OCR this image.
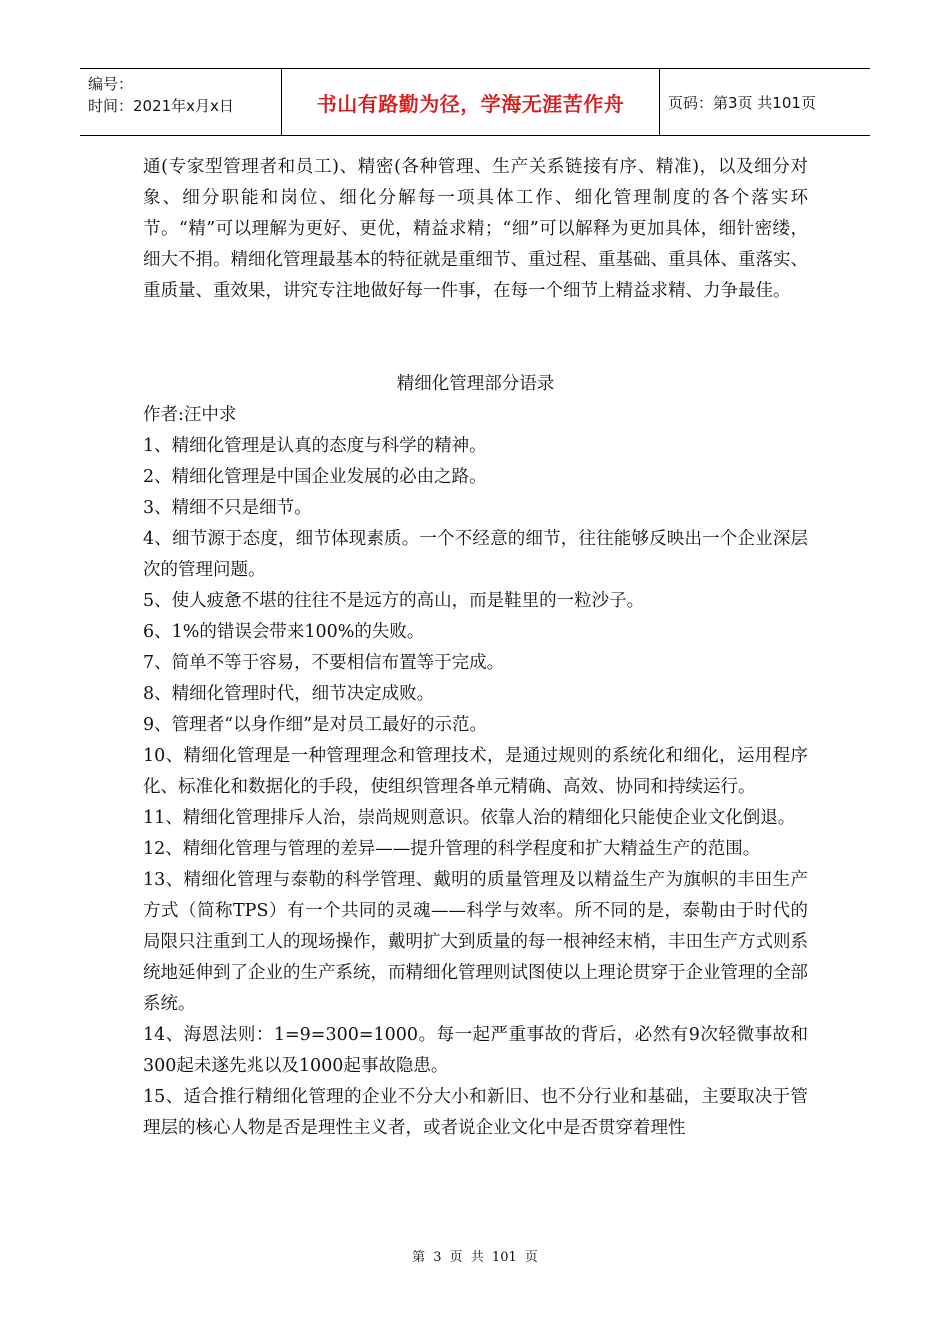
编号：
时间：2021年x月x日	书山有路勤为径，学海无涯苦作舟	页码：第3页 共101页

通(专家型管理者和员工)、精密(各种管理、生产关系链接有序、精准)，以及细分对象、细分职能和岗位、细化分解每一项具体工作、细化管理制度的各个落实环节。“精”可以理解为更好、更优，精益求精；“细”可以解释为更加具体，细针密缕，细大不捐。精细化管理最基本的特征就是重细节、重过程、重基础、重具体、重落实、重质量、重效果，讲究专注地做好每一件事，在每一个细节上精益求精、力争最佳。

精细化管理部分语录

作者:汪中求

1、精细化管理是认真的态度与科学的精神。

2、精细化管理是中国企业发展的必由之路。

3、精细不只是细节。

4、细节源于态度，细节体现素质。一个不经意的细节，往往能够反映出一个企业深层次的管理问题。

5、使人疲惫不堪的往往不是远方的高山，而是鞋里的一粒沙子。

6、1%的错误会带来100%的失败。

7、简单不等于容易，不要相信布置等于完成。

8、精细化管理时代，细节决定成败。

9、管理者“以身作细”是对员工最好的示范。

10、精细化管理是一种管理理念和管理技术，是通过规则的系统化和细化，运用程序化、标准化和数据化的手段，使组织管理各单元精确、高效、协同和持续运行。

11、精细化管理排斥人治，崇尚规则意识。依靠人治的精细化只能使企业文化倒退。

12、精细化管理与管理的差异——提升管理的科学程度和扩大精益生产的范围。

13、精细化管理与泰勒的科学管理、戴明的质量管理及以精益生产为旗帜的丰田生产方式（简称TPS）有一个共同的灵魂——科学与效率。所不同的是，泰勒由于时代的局限只注重到工人的现场操作，戴明扩大到质量的每一根神经末梢，丰田生产方式则系统地延伸到了企业的生产系统，而精细化管理则试图使以上理论贯穿于企业管理的全部系统。

14、海恩法则：1=9=300=1000。每一起严重事故的背后，必然有9次轻微事故和300起未遂先兆以及1000起事故隐患。

15、适合推行精细化管理的企业不分大小和新旧、也不分行业和基础，主要取决于管理层的核心人物是否是理性主义者，或者说企业文化中是否贯穿着理性

第 3 页 共 101 页
